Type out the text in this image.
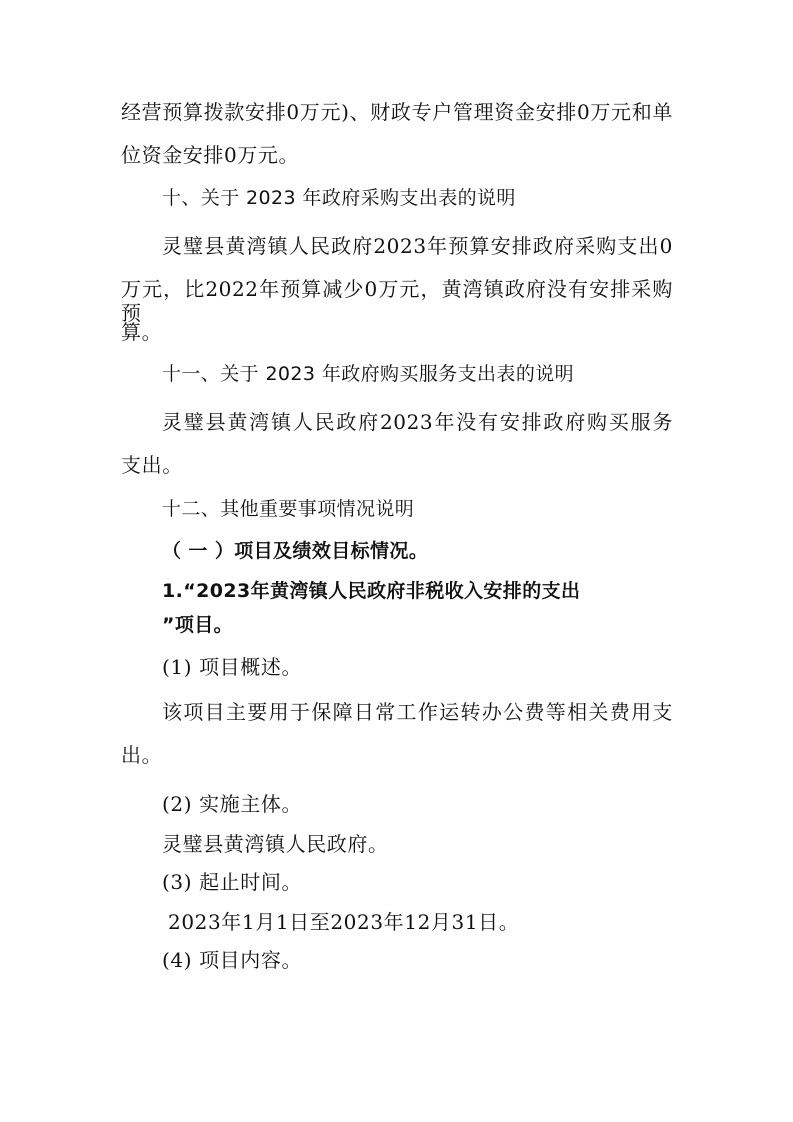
经营预算拨款安排0万元)、财政专户管理资金安排0万元和单
位资金安排0万元。
十、关于 2023 年政府采购支出表的说明
灵璧县黄湾镇人民政府2023年预算安排政府采购支出0
万元，比2022年预算减少0万元，黄湾镇政府没有安排采购预
算。
十一、关于 2023 年政府购买服务支出表的说明
灵璧县黄湾镇人民政府2023年没有安排政府购买服务
支出。
十二、其他重要事项情况说明
（ 一 ）项目及绩效目标情况。
1.“2023年黄湾镇人民政府非税收入安排的支出
”项目。
(1) 项目概述。
该项目主要用于保障日常工作运转办公费等相关费用支
出。
(2) 实施主体。
灵璧县黄湾镇人民政府。
(3) 起止时间。
2023年1月1日至2023年12月31日。
(4) 项目内容。
